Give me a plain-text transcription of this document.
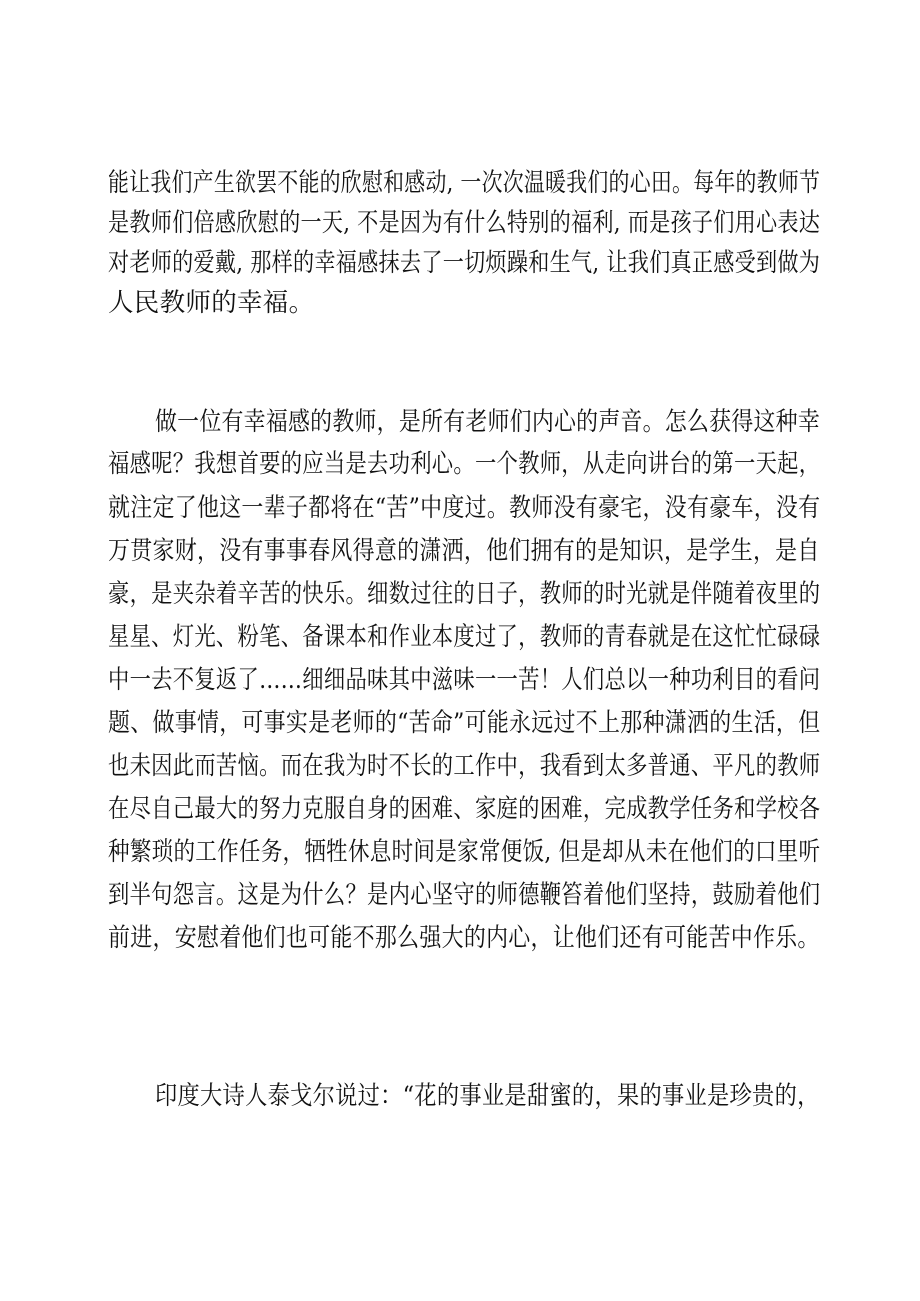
能让我们产生欲罢不能的欣慰和感动, 一次次温暖我们的心田。每年的教师节
是教师们倍感欣慰的一天, 不是因为有什么特别的福利, 而是孩子们用心表达
对老师的爱戴, 那样的幸福感抹去了一切烦躁和生气, 让我们真正感受到做为
人民教师的幸福。
做一位有幸福感的教师，是所有老师们内心的声音。怎么获得这种幸
福感呢？我想首要的应当是去功利心。一个教师，从走向讲台的第一天起，
就注定了他这一辈子都将在“苦”中度过。教师没有豪宅，没有豪车，没有
万贯家财，没有事事春风得意的潇洒，他们拥有的是知识，是学生，是自
豪，是夹杂着辛苦的快乐。细数过往的日子，教师的时光就是伴随着夜里的
星星、灯光、粉笔、备课本和作业本度过了，教师的青春就是在这忙忙碌碌
中一去不复返了……细细品味其中滋味一一苦！人们总以一种功利目的看问
题、做事情，可事实是老师的“苦命”可能永远过不上那种潇洒的生活，但
也未因此而苦恼。而在我为时不长的工作中，我看到太多普通、平凡的教师
在尽自己最大的努力克服自身的困难、家庭的困难，完成教学任务和学校各
种繁琐的工作任务，牺牲休息时间是家常便饭, 但是却从未在他们的口里听
到半句怨言。这是为什么？是内心坚守的师德鞭笞着他们坚持，鼓励着他们
前进，安慰着他们也可能不那么强大的内心，让他们还有可能苦中作乐。
印度大诗人泰戈尔说过：“花的事业是甜蜜的，果的事业是珍贵的，
